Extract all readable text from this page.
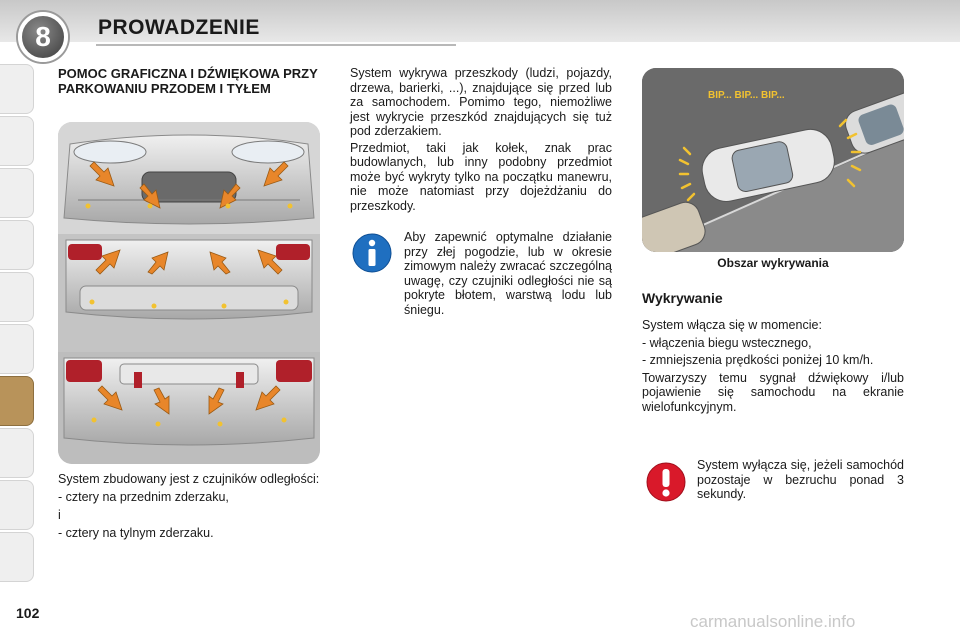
8	PROWADZENIE
POMOC GRAFICZNA I DŹWIĘKOWA PRZY PARKOWANIU PRZODEM I TYŁEM

System zbudowany jest z czujników odległości:

- cztery na przednim zderzaku,

i

- cztery na tylnym zderzaku.

System wykrywa przeszkody (ludzi, pojazdy, drzewa, barierki, ...), znajdujące się przed lub za samochodem. Pomimo tego, niemożliwe jest wykrycie przeszkód znajdujących się tuż pod zderzakiem.

Przedmiot, taki jak kołek, znak prac budowlanych, lub inny podobny przedmiot może być wykryty tylko na początku manewru, nie może natomiast przy dojeżdżaniu do przeszkody.

Aby zapewnić optymalne działanie przy złej pogodzie, lub w okresie zimowym należy zwracać szczególną uwagę, czy czujniki odległości nie są pokryte błotem, warstwą lodu lub śniegu.
BIP... BIP... BIP...
Obszar wykrywania
Wykrywanie

System włącza się w momencie:

- włączenia biegu wstecznego,

- zmniejszenia prędkości poniżej 10 km/h.

Towarzyszy temu sygnał dźwiękowy i/lub pojawienie się samochodu na ekranie wielofunkcyjnym.

System wyłącza się, jeżeli samochód pozostaje w bezruchu ponad 3 sekundy.
102	carmanualsonline.info
